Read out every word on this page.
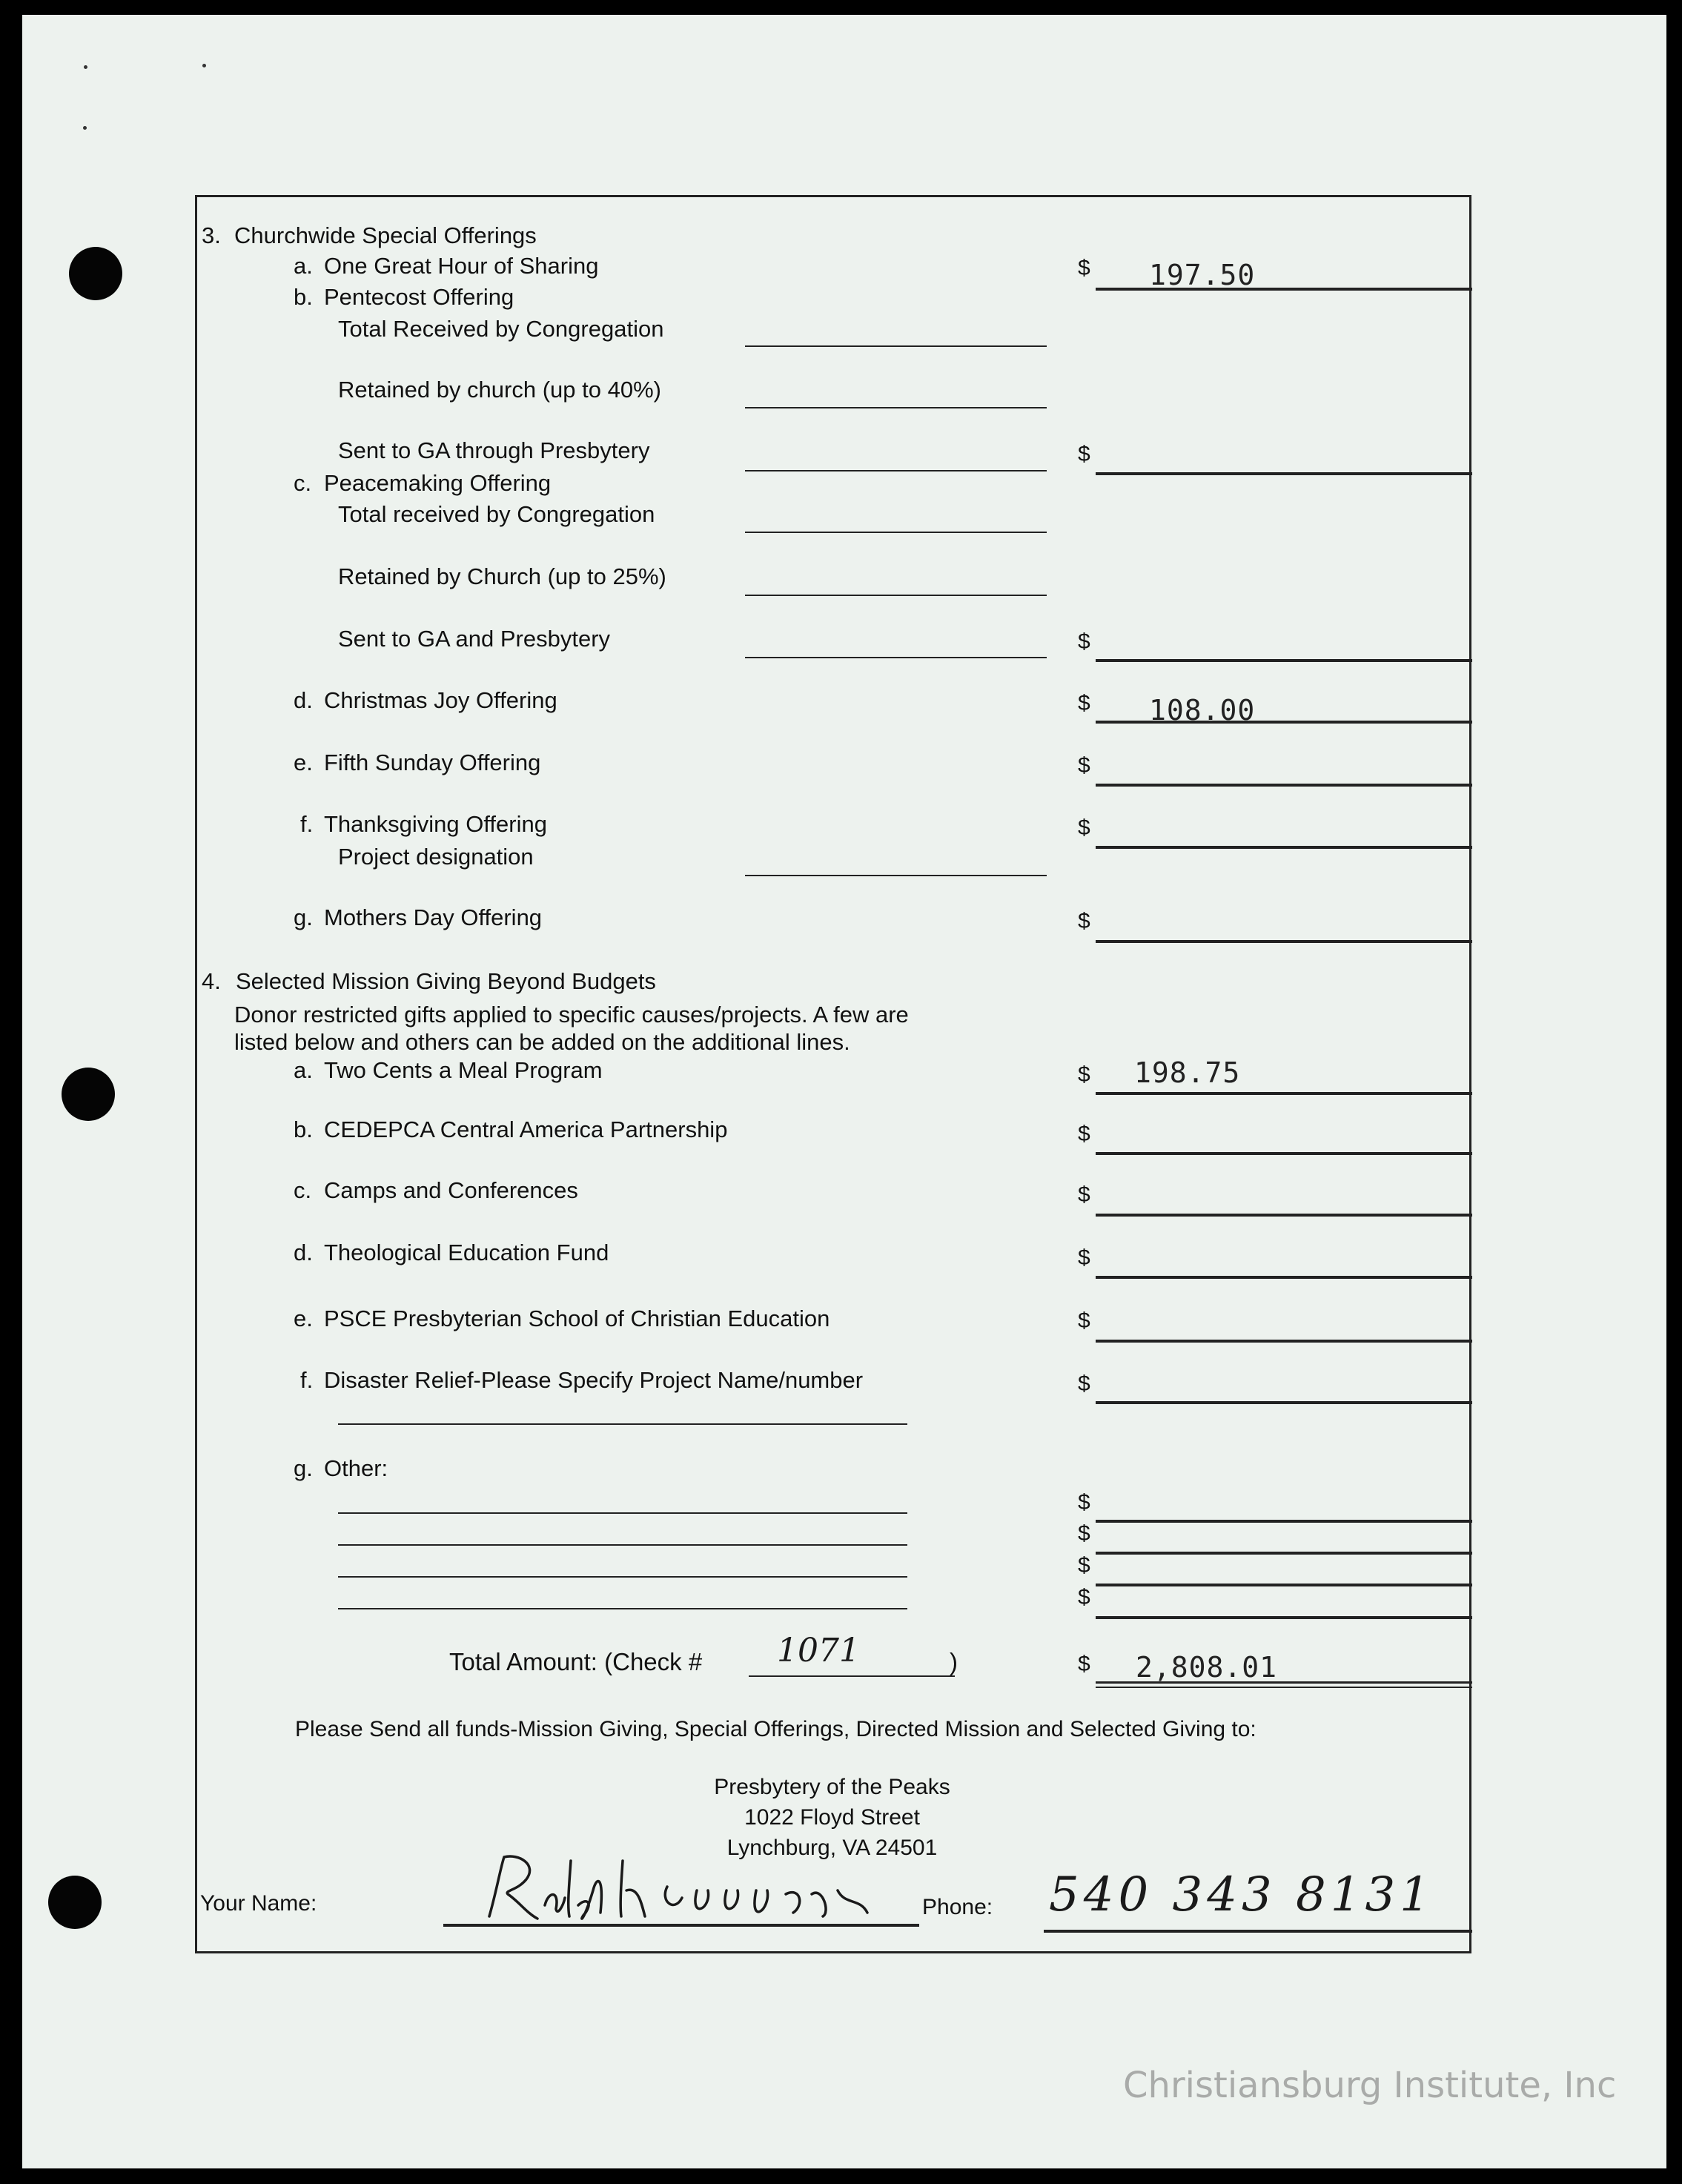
3. Churchwide Special Offerings
a. One Great Hour of Sharing	$ 197.50
b. Pentecost Offering
Total Received by Congregation
Retained by church (up to 40%)
Sent to GA through Presbytery	$
c. Peacemaking Offering
Total received by Congregation
Retained by Church (up to 25%)
Sent to GA and Presbytery	$
d. Christmas Joy Offering	$ 108.00
e. Fifth Sunday Offering	$
f. Thanksgiving Offering	$
Project designation
g. Mothers Day Offering	$
4. Selected Mission Giving Beyond Budgets
Donor restricted gifts applied to specific causes/projects. A few are
listed below and others can be added on the additional lines.
a. Two Cents a Meal Program	$ 198.75
b. CEDEPCA Central America Partnership	$
c. Camps and Conferences	$
d. Theological Education Fund	$
e. PSCE Presbyterian School of Christian Education	$
f. Disaster Relief-Please Specify Project Name/number	$
g. Other:
$
$
$
$
Total Amount: (Check # 1071	)	$ 2,808.01
Please Send all funds-Mission Giving, Special Offerings, Directed Mission and Selected Giving to:
Presbytery of the Peaks
1022 Floyd Street
Lynchburg, VA 24501
Your Name:	Phone: 540 343 8131
Christiansburg Institute, Inc
